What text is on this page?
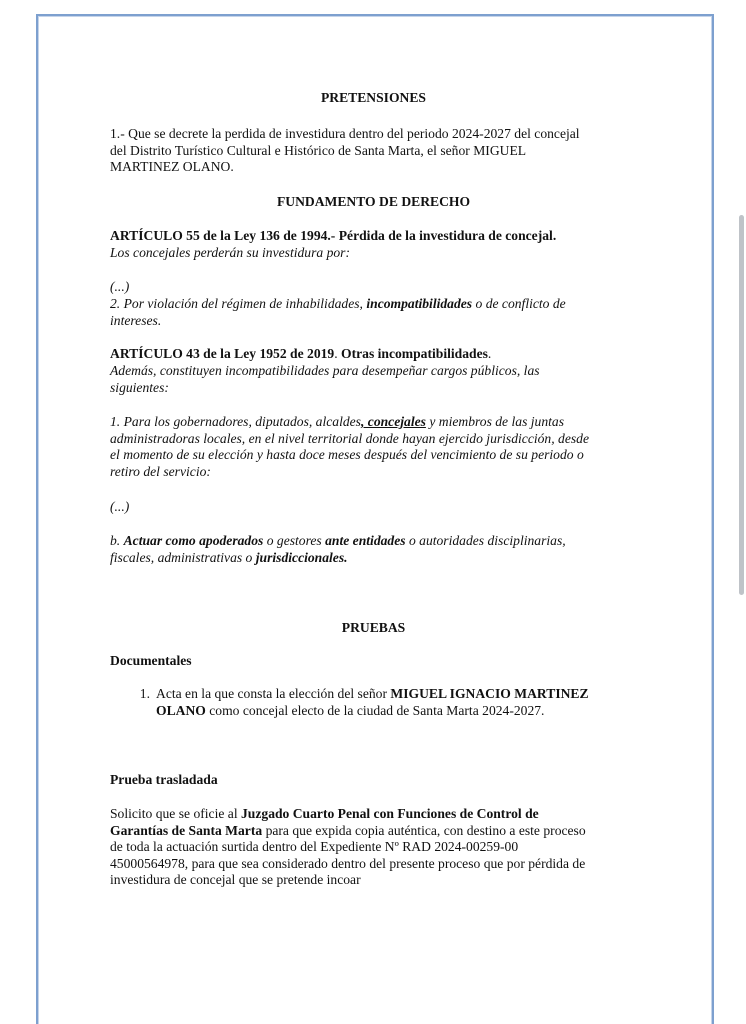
PRETENSIONES

1.- Que se decrete la perdida de investidura dentro del periodo 2024-2027 del concejal
del Distrito Turístico Cultural e Histórico de Santa Marta, el señor MIGUEL
MARTINEZ OLANO.

FUNDAMENTO DE DERECHO

ARTÍCULO 55 de la Ley 136 de 1994.- Pérdida de la investidura de concejal.

Los concejales perderán su investidura por:

(...)

2. Por violación del régimen de inhabilidades, incompatibilidades o de conflicto de
intereses.

ARTÍCULO 43 de la Ley 1952 de 2019. Otras incompatibilidades.

Además, constituyen incompatibilidades para desempeñar cargos públicos, las
siguientes:

1. Para los gobernadores, diputados, alcaldes, concejales y miembros de las juntas
administradoras locales, en el nivel territorial donde hayan ejercido jurisdicción, desde
el momento de su elección y hasta doce meses después del vencimiento de su periodo o
retiro del servicio:

(...)

b. Actuar como apoderados o gestores ante entidades o autoridades disciplinarias,
fiscales, administrativas o jurisdiccionales.

PRUEBAS

Documentales

1. Acta en la que consta la elección del señor MIGUEL IGNACIO MARTINEZ
OLANO como concejal electo de la ciudad de Santa Marta 2024-2027.

Prueba trasladada

Solicito que se oficie al Juzgado Cuarto Penal con Funciones de Control de
Garantías de Santa Marta para que expida copia auténtica, con destino a este proceso
de toda la actuación surtida dentro del Expediente Nº RAD 2024-00259-00
45000564978, para que sea considerado dentro del presente proceso que por pérdida de
investidura de concejal que se pretende incoar
